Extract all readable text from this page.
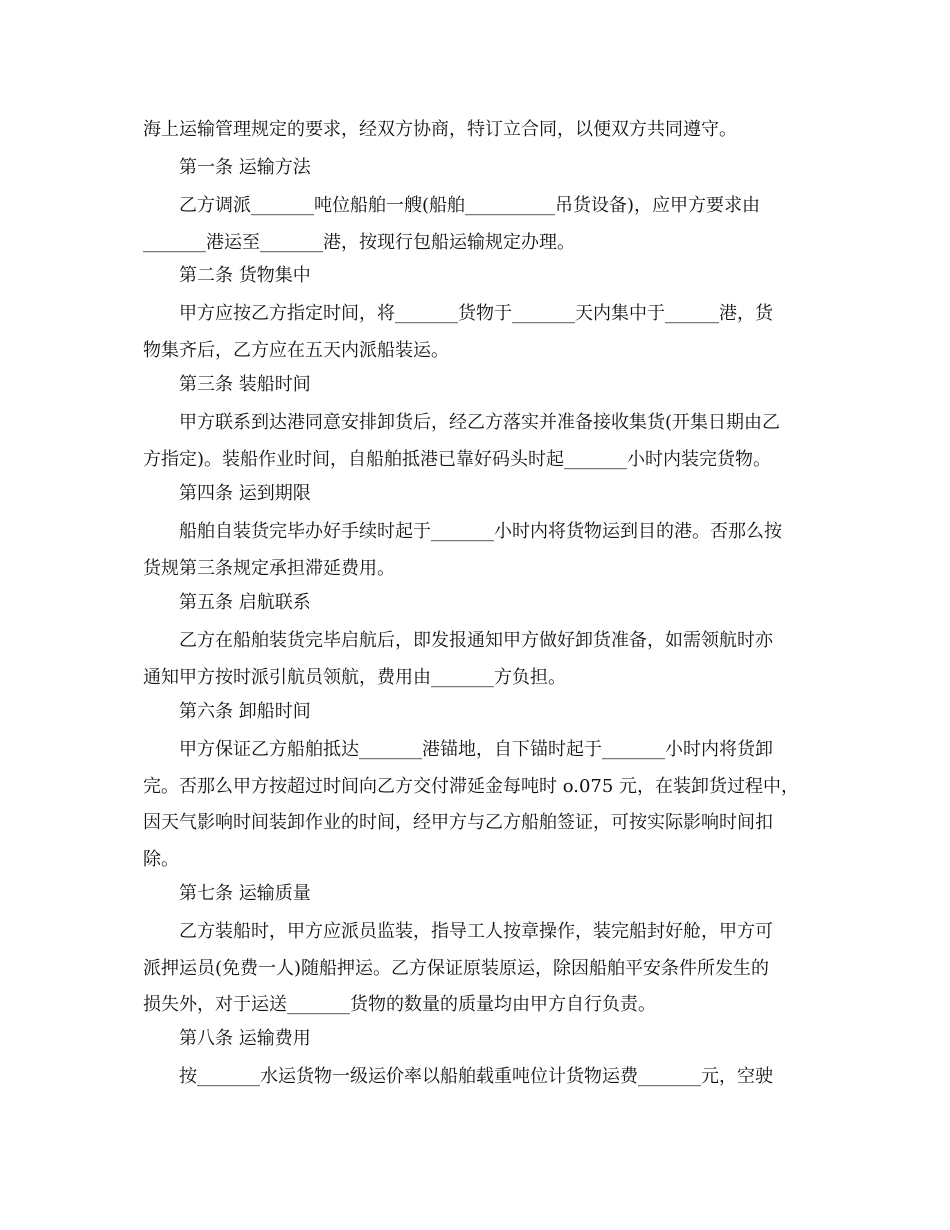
海上运输管理规定的要求，经双方协商，特订立合同，以便双方共同遵守。
第一条 运输方法
乙方调派_______吨位船舶一艘(船舶__________吊货设备)，应甲方要求由
_______港运至_______港，按现行包船运输规定办理。
第二条 货物集中
甲方应按乙方指定时间，将_______货物于_______天内集中于______港，货
物集齐后，乙方应在五天内派船装运。
第三条 装船时间
甲方联系到达港同意安排卸货后，经乙方落实并准备接收集货(开集日期由乙
方指定)。装船作业时间，自船舶抵港已靠好码头时起_______小时内装完货物。
第四条 运到期限
船舶自装货完毕办好手续时起于_______小时内将货物运到目的港。否那么按
货规第三条规定承担滞延费用。
第五条 启航联系
乙方在船舶装货完毕启航后，即发报通知甲方做好卸货准备，如需领航时亦
通知甲方按时派引航员领航，费用由_______方负担。
第六条 卸船时间
甲方保证乙方船舶抵达_______港锚地，自下锚时起于_______小时内将货卸
完。否那么甲方按超过时间向乙方交付滞延金每吨时 o.075 元，在装卸货过程中，
因天气影响时间装卸作业的时间，经甲方与乙方船舶签证，可按实际影响时间扣
除。
第七条 运输质量
乙方装船时，甲方应派员监装，指导工人按章操作，装完船封好舱，甲方可
派押运员(免费一人)随船押运。乙方保证原装原运，除因船舶平安条件所发生的
损失外，对于运送_______货物的数量的质量均由甲方自行负责。
第八条 运输费用
按_______水运货物一级运价率以船舶载重吨位计货物运费_______元，空驶
